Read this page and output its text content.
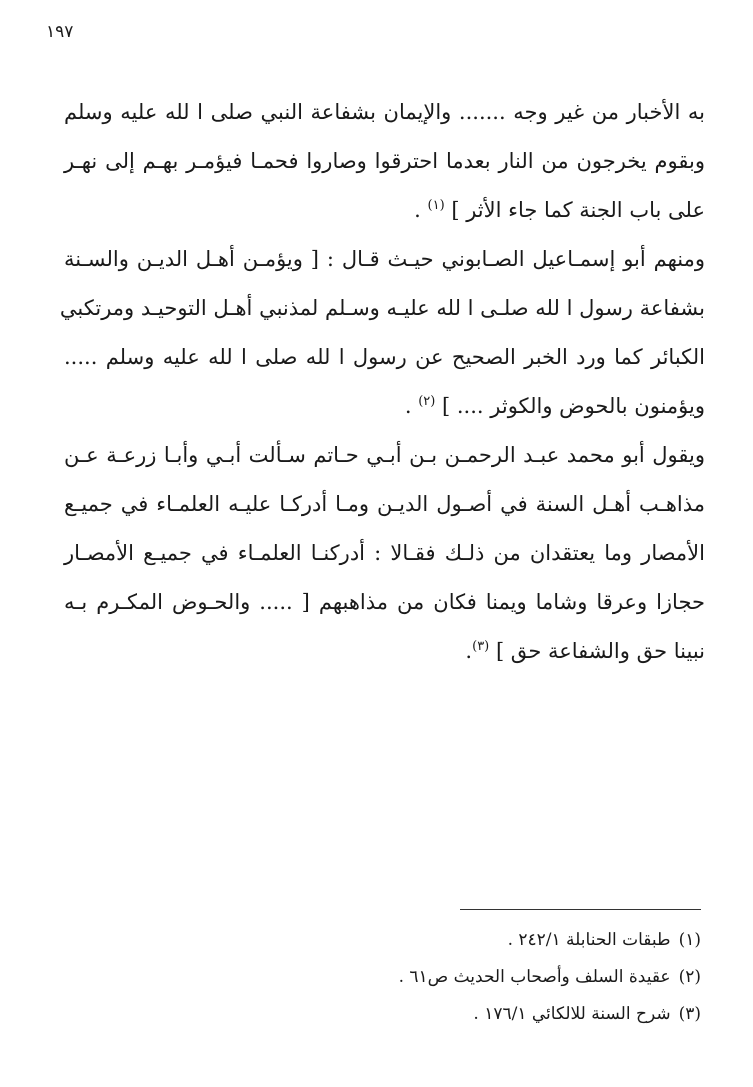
١٩٧
به الأخبار من غير وجه ....... والإيمان بشفاعة النبي صلى ا لله عليه وسلم
وبقوم يخرجون من النار بعدما احترقوا وصاروا فحمـا فيؤمـر بهـم إلى نهـر
على باب الجنة كما جاء الأثر ] $^{(١)}$ .
ومنهم أبو إسمـاعيل الصـابوني حيـث قـال : [ ويؤمـن أهـل الديـن والسـنة
بشفاعة رسول ا لله صلـى ا لله عليـه وسـلم لمذنبي أهـل التوحيـد ومرتكبي
الكبائر كما ورد الخبر الصحيح عن رسول ا لله صلى ا لله عليه وسلم .....
ويؤمنون بالحوض والكوثر .... ] $^{(٢)}$ .
ويقول أبو محمد عبـد الرحمـن بـن أبـي حـاتم سـألت أبـي وأبـا زرعـة عـن
مذاهـب أهـل السنة في أصـول الديـن ومـا أدركـا عليـه العلمـاء في جميـع
الأمصار وما يعتقدان من ذلـك فقـالا : أدركنـا العلمـاء في جميـع الأمصـار
حجازا وعرقا وشاما ويمنا فكان من مذاهبهم [ ..... والحـوض المكـرم بـه
نبينا حق والشفاعة حق ] $^{(٣)}$.
(١)طبقات الحنابلة ٢٤٢/١ .
(٢)عقيدة السلف وأصحاب الحديث ص٦١ .
(٣)شرح السنة للالكائي ١٧٦/١ .
